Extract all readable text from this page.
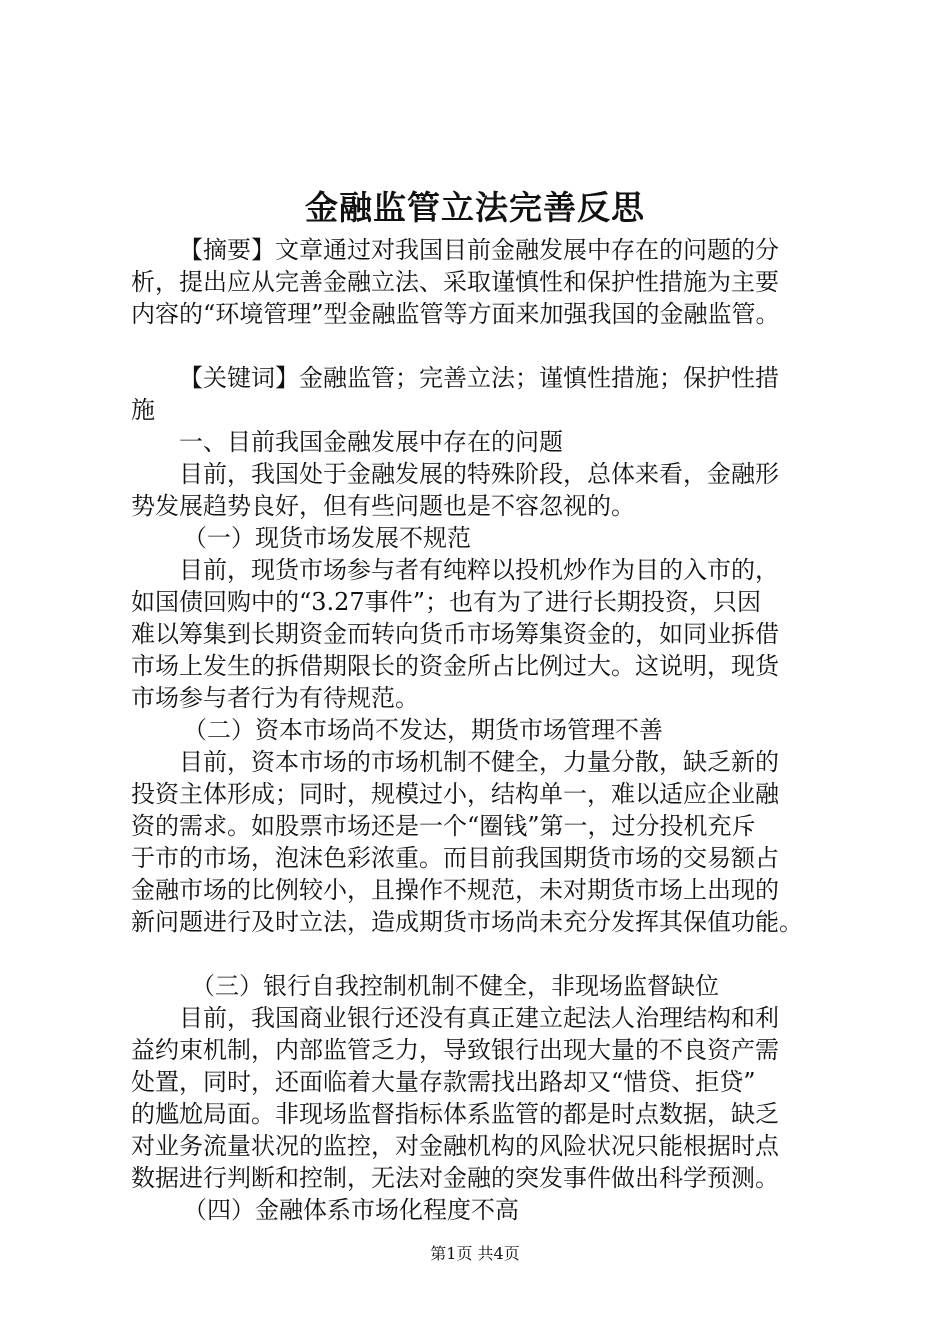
金融监管立法完善反思
【摘要】文章通过对我国目前金融发展中存在的问题的分
析，提出应从完善金融立法、采取谨慎性和保护性措施为主要
内容的“环境管理”型金融监管等方面来加强我国的金融监管。
【关键词】金融监管；完善立法；谨慎性措施；保护性措
施
一、目前我国金融发展中存在的问题
目前，我国处于金融发展的特殊阶段，总体来看，金融形
势发展趋势良好，但有些问题也是不容忽视的。
（一）现货市场发展不规范
目前，现货市场参与者有纯粹以投机炒作为目的入市的，
如国债回购中的“3.27事件”；也有为了进行长期投资，只因
难以筹集到长期资金而转向货币市场筹集资金的，如同业拆借
市场上发生的拆借期限长的资金所占比例过大。这说明，现货
市场参与者行为有待规范。
（二）资本市场尚不发达，期货市场管理不善
目前，资本市场的市场机制不健全，力量分散，缺乏新的
投资主体形成；同时，规模过小，结构单一，难以适应企业融
资的需求。如股票市场还是一个“圈钱”第一，过分投机充斥
于市的市场，泡沫色彩浓重。而目前我国期货市场的交易额占
金融市场的比例较小，且操作不规范，未对期货市场上出现的
新问题进行及时立法，造成期货市场尚未充分发挥其保值功能。
（三）银行自我控制机制不健全，非现场监督缺位
目前，我国商业银行还没有真正建立起法人治理结构和利
益约束机制，内部监管乏力，导致银行出现大量的不良资产需
处置，同时，还面临着大量存款需找出路却又“惜贷、拒贷”
的尴尬局面。非现场监督指标体系监管的都是时点数据，缺乏
对业务流量状况的监控，对金融机构的风险状况只能根据时点
数据进行判断和控制，无法对金融的突发事件做出科学预测。
（四）金融体系市场化程度不高
第1页 共4页
